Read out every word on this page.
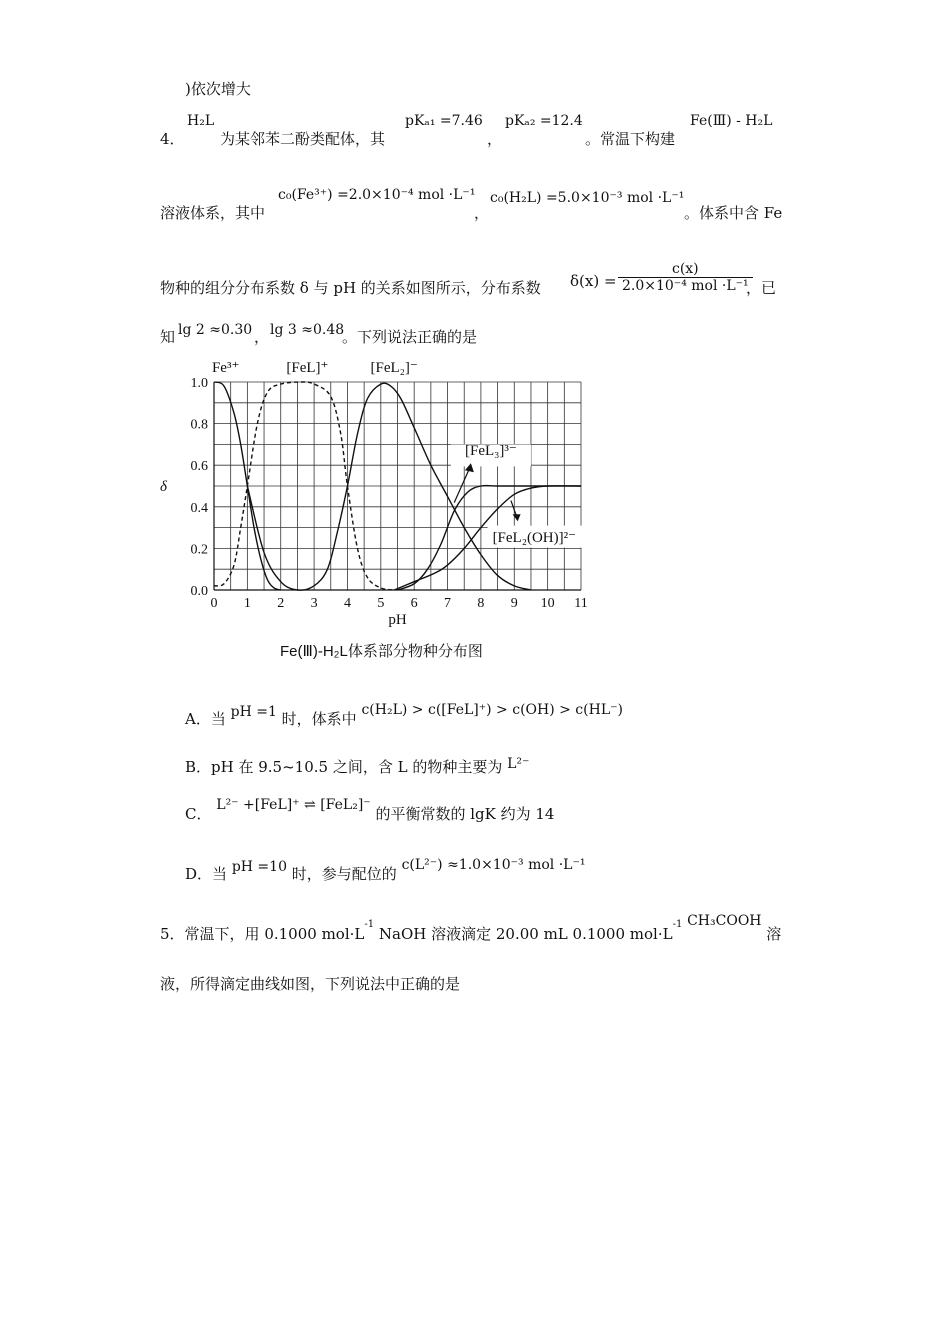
)依次增大
4．
H₂L
为某邻苯二酚类配体，其
pKₐ₁ =7.46
，
pKₐ₂ =12.4
。常温下构建
Fe(Ⅲ) - H₂L
溶液体系，其中
c₀(Fe³⁺) =2.0×10⁻⁴ mol ·L⁻¹
，
c₀(H₂L) =5.0×10⁻³ mol ·L⁻¹
。体系中含 Fe
物种的组分分布系数 δ 与 pH 的关系如图所示，分布系数 $\delta(x) = \frac{c(x)}{\text{2.0×10⁻⁴ mol ·L⁻¹}}$
，已
知 lg 2 ≈0.30 ， lg 3 ≈0.48
。下列说法正确的是
0 1 2 3 4 5 6 7 8 9 10 11
0.0
0.2
0.4
0.6
0.8
1.0
pH
δ
Fe³⁺	[FeL]⁺	[FeL₂]⁻
[FeL₃]³⁻
[FeL₂(OH)]²⁻
Fe(Ⅲ)-H₂L体系部分物种分布图
A．当 pH =1 时，体系中 c(H₂L) > c([FeL]⁺) > c(OH) > c(HL⁻)
B．pH 在 9.5~10.5 之间，含 L 的物种主要为 L²⁻
C． L²⁻ +[FeL]⁺ ⇌ [FeL₂]⁻ 的平衡常数的 lgK 约为 14
D．当 pH =10 时，参与配位的 c(L²⁻) ≈1.0×10⁻³ mol ·L⁻¹
5．常温下，用 0.1000 $mol\cdot L^{-1}$ NaOH 溶液滴定 20.00 mL 0.1000 $mol\cdot L^{-1}$ CH₃COOH 溶
液，所得滴定曲线如图，下列说法中正确的是
